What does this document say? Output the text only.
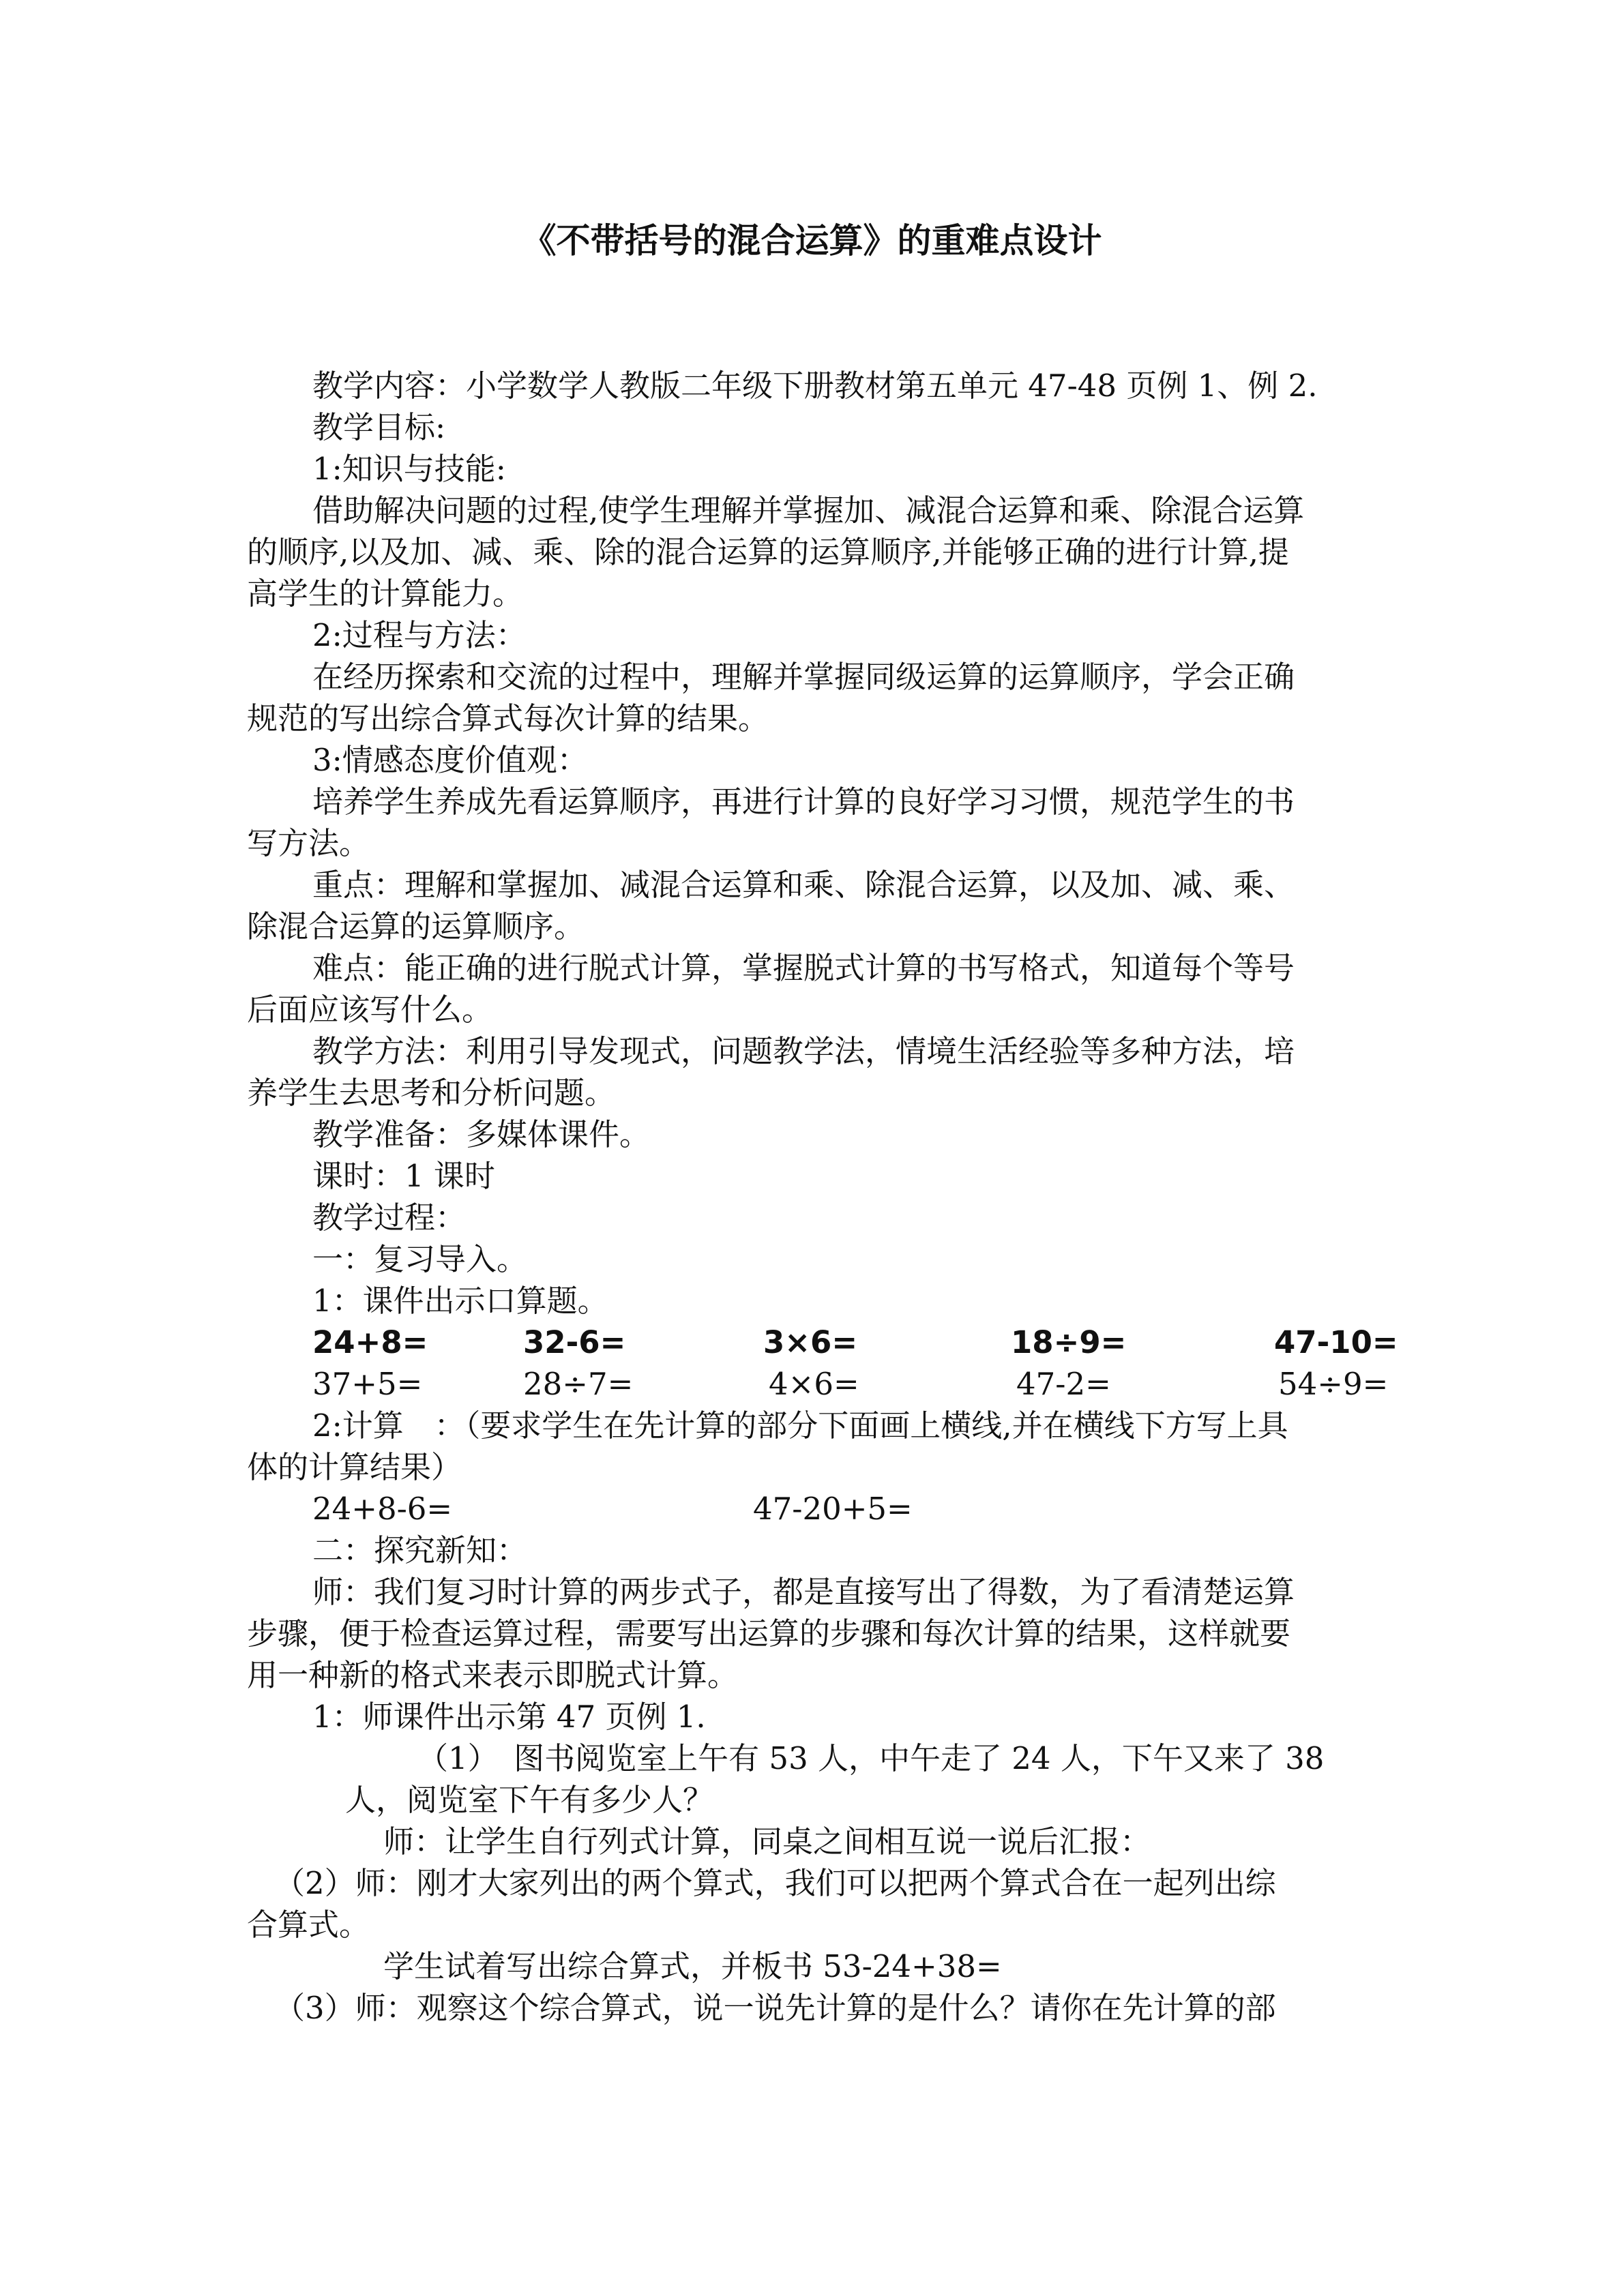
《不带括号的混合运算》的重难点设计
教学内容：小学数学人教版二年级下册教材第五单元 47-48 页例 1、例 2.
教学目标:
1:知识与技能:
借助解决问题的过程,使学生理解并掌握加、减混合运算和乘、除混合运算
的顺序,以及加、减、乘、除的混合运算的运算顺序,并能够正确的进行计算,提
高学生的计算能力。
2:过程与方法：
在经历探索和交流的过程中，理解并掌握同级运算的运算顺序，学会正确
规范的写出综合算式每次计算的结果。
3:情感态度价值观：
培养学生养成先看运算顺序，再进行计算的良好学习习惯，规范学生的书
写方法。
重点：理解和掌握加、减混合运算和乘、除混合运算，以及加、减、乘、
除混合运算的运算顺序。
难点：能正确的进行脱式计算，掌握脱式计算的书写格式，知道每个等号
后面应该写什么。
教学方法：利用引导发现式，问题教学法，情境生活经验等多种方法，培
养学生去思考和分析问题。
教学准备：多媒体课件。
课时：1 课时
教学过程：
一：复习导入。
1：课件出示口算题。
24+8=	32-6=	3×6=	18÷9=	47-10=
37+5=	28÷7=	4×6=	47-2=	54÷9=
2:计算　：（要求学生在先计算的部分下面画上横线,并在横线下方写上具
体的计算结果）
24+8-6=	47-20+5=
二：探究新知：
师：我们复习时计算的两步式子，都是直接写出了得数，为了看清楚运算
步骤，便于检查运算过程，需要写出运算的步骤和每次计算的结果，这样就要
用一种新的格式来表示即脱式计算。
1：师课件出示第 47 页例 1.
（1）　图书阅览室上午有 53 人，中午走了 24 人，下午又来了 38
人，阅览室下午有多少人？
师：让学生自行列式计算，同桌之间相互说一说后汇报：
（2）师：刚才大家列出的两个算式，我们可以把两个算式合在一起列出综
合算式。
学生试着写出综合算式，并板书 53-24+38=
（3）师：观察这个综合算式，说一说先计算的是什么？请你在先计算的部
